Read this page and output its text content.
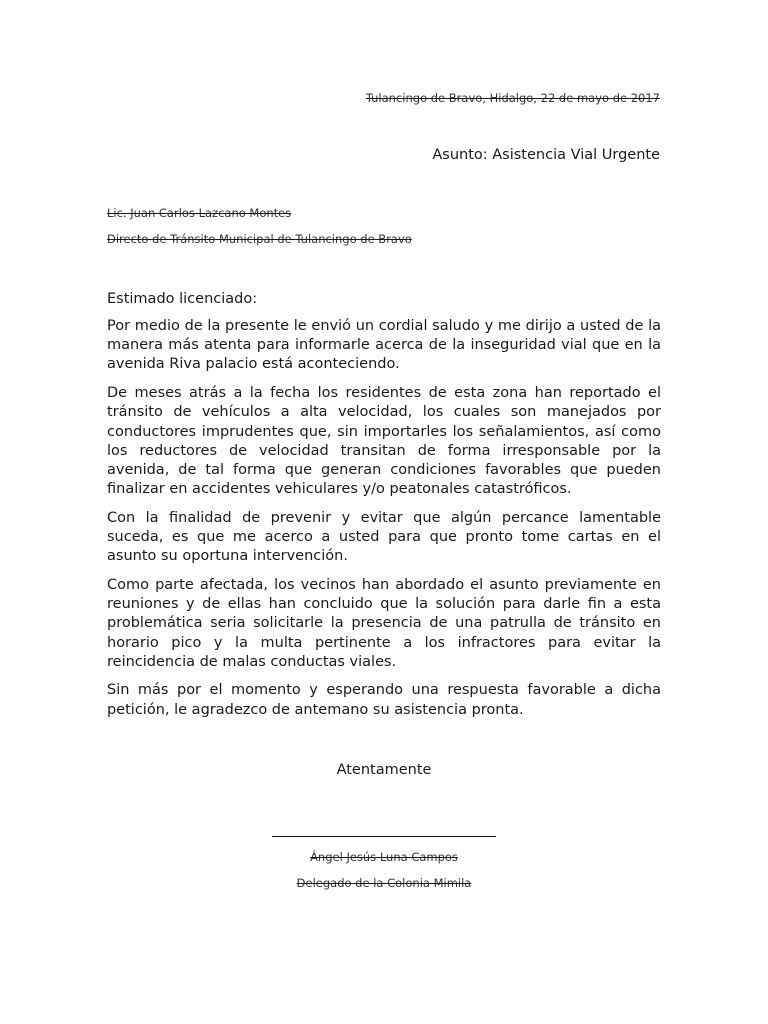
Tulancingo de Bravo, Hidalgo, 22 de mayo de 2017
Asunto: Asistencia Vial Urgente
Lic. Juan Carlos Lazcano Montes
Directo de Tránsito Municipal de Tulancingo de Bravo
Estimado licenciado:

Por medio de la presente le envió un cordial saludo y me dirijo a usted de la manera más atenta para informarle acerca de la inseguridad vial que en la avenida Riva palacio está aconteciendo.

De meses atrás a la fecha los residentes de esta zona han reportado el tránsito de vehículos a alta velocidad, los cuales son manejados por conductores imprudentes que, sin importarles los señalamientos, así como los reductores de velocidad transitan de forma irresponsable por la avenida, de tal forma que generan condiciones favorables que pueden finalizar en accidentes vehiculares y/o peatonales catastróficos.

Con la finalidad de prevenir y evitar que algún percance lamentable suceda, es que me acerco a usted para que pronto tome cartas en el asunto su oportuna intervención.

Como parte afectada, los vecinos han abordado el asunto previamente en reuniones y de ellas han concluido que la solución para darle fin a esta problemática seria solicitarle la presencia de una patrulla de tránsito en horario pico y la multa pertinente a los infractores para evitar la reincidencia de malas conductas viales.

Sin más por el momento y esperando una respuesta favorable a dicha petición, le agradezco de antemano su asistencia pronta.

Atentamente
Ángel Jesús Luna Campos
Delegado de la Colonia Mimila
